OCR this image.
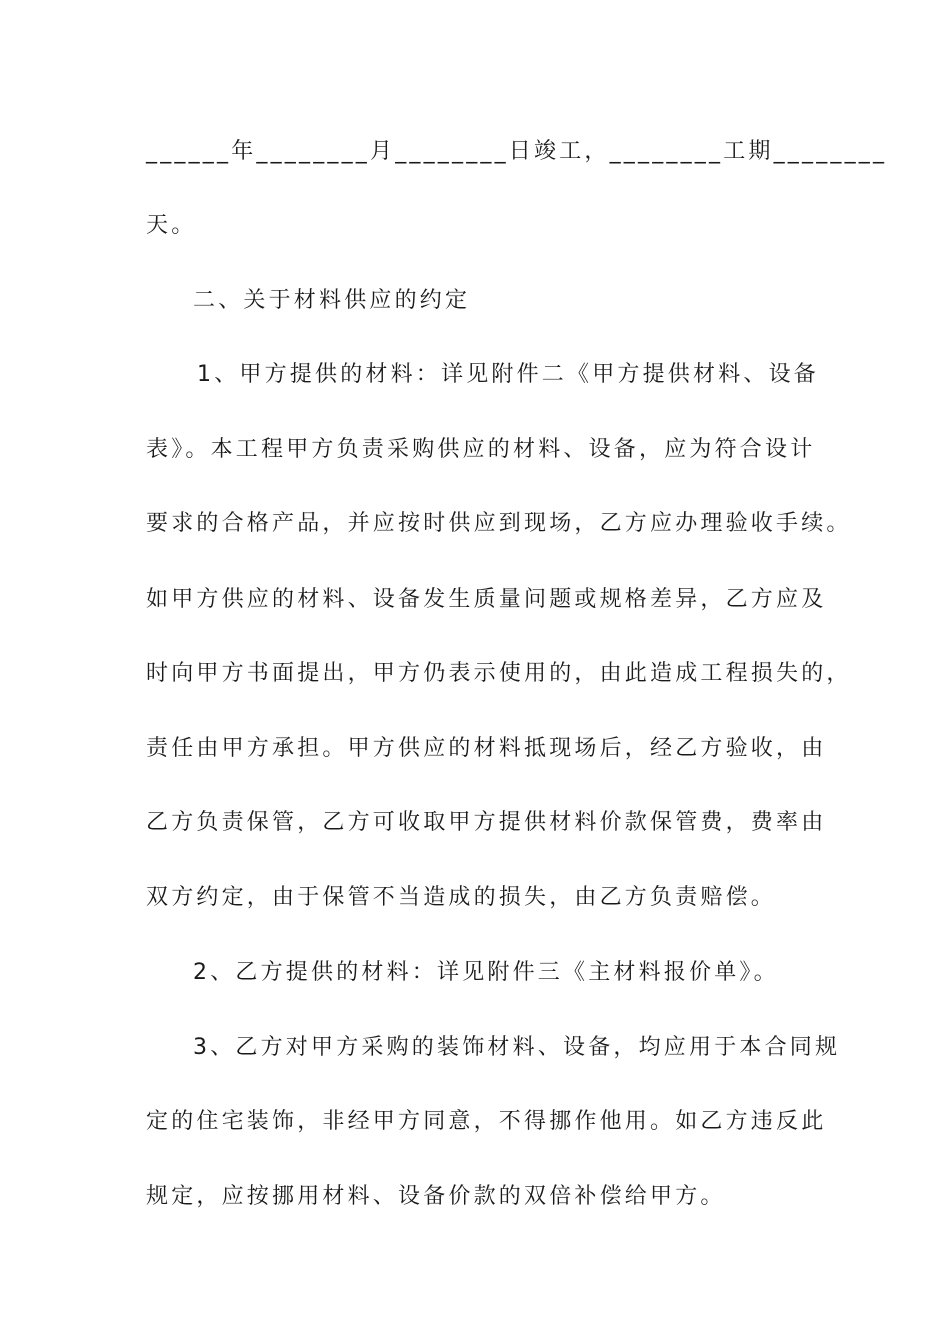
______年________月________日竣工，________工期________
天。
二、关于材料供应的约定
1、甲方提供的材料：详见附件二《甲方提供材料、设备
表》。本工程甲方负责采购供应的材料、设备，应为符合设计
要求的合格产品，并应按时供应到现场，乙方应办理验收手续。
如甲方供应的材料、设备发生质量问题或规格差异，乙方应及
时向甲方书面提出，甲方仍表示使用的，由此造成工程损失的，
责任由甲方承担。甲方供应的材料抵现场后，经乙方验收，由
乙方负责保管，乙方可收取甲方提供材料价款保管费，费率由
双方约定，由于保管不当造成的损失，由乙方负责赔偿。
2、乙方提供的材料：详见附件三《主材料报价单》。
3、乙方对甲方采购的装饰材料、设备，均应用于本合同规
定的住宅装饰，非经甲方同意，不得挪作他用。如乙方违反此
规定，应按挪用材料、设备价款的双倍补偿给甲方。
